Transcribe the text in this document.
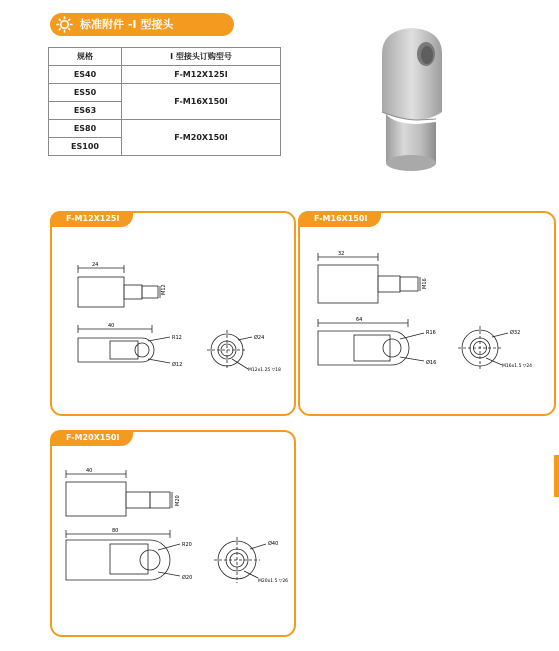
标准附件 -I 型接头
规格	I 型接头订购型号
ES40	F-M12X125I
ES50	F-M16X150I
ES63	
ES80	F-M20X150I
ES100	
F-M12X125I
24
M12
40
R12
Ø12
Ø24
M12x1.25 ▽18
F-M16X150I
32
M16
64
R16
Ø16
Ø32
M16x1.5 ▽24
F-M20X150I
40
M20
80
R20
Ø20
Ø40
M20x1.5 ▽26
